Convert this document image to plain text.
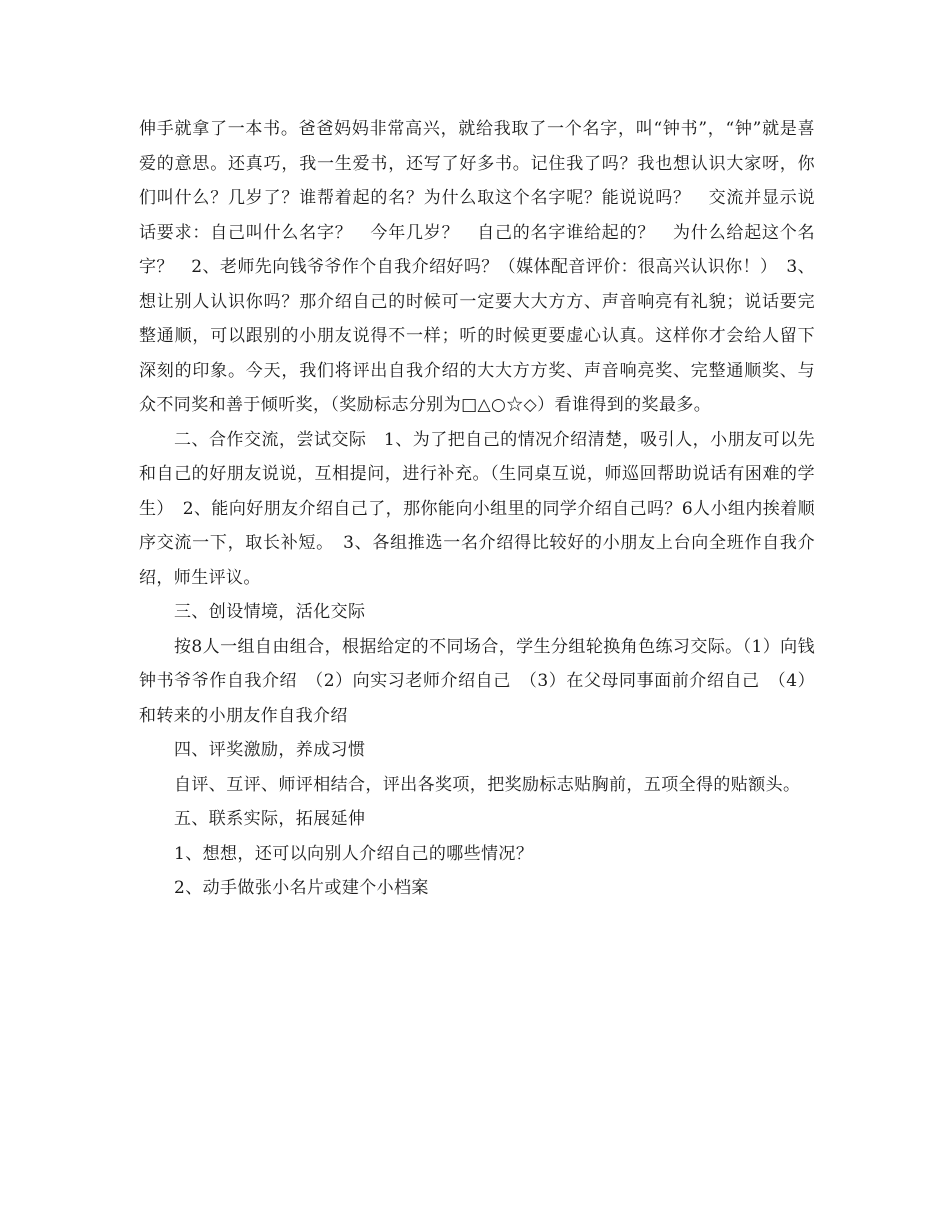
伸手就拿了一本书。爸爸妈妈非常高兴，就给我取了一个名字，叫“钟书”，“钟”就是喜爱的意思。还真巧，我一生爱书，还写了好多书。记住我了吗？我也想认识大家呀，你们叫什么？几岁了？谁帮着起的名？为什么取这个名字呢？能说说吗？　交流并显示说话要求：自己叫什么名字？　今年几岁？　自己的名字谁给起的？　为什么给起这个名字？　2、老师先向钱爷爷作个自我介绍好吗？（媒体配音评价：很高兴认识你！）　3、想让别人认识你吗？那介绍自己的时候可一定要大大方方、声音响亮有礼貌；说话要完整通顺，可以跟别的小朋友说得不一样；听的时候更要虚心认真。这样你才会给人留下深刻的印象。今天，我们将评出自我介绍的大大方方奖、声音响亮奖、完整通顺奖、与众不同奖和善于倾听奖，（奖励标志分别为□△○☆◇）看谁得到的奖最多。

二、合作交流，尝试交际　1、为了把自己的情况介绍清楚，吸引人，小朋友可以先和自己的好朋友说说，互相提问，进行补充。（生同桌互说，师巡回帮助说话有困难的学生）　2、能向好朋友介绍自己了，那你能向小组里的同学介绍自己吗？6人小组内挨着顺序交流一下，取长补短。　3、各组推选一名介绍得比较好的小朋友上台向全班作自我介绍，师生评议。

三、创设情境，活化交际

按8人一组自由组合，根据给定的不同场合，学生分组轮换角色练习交际。（1）向钱钟书爷爷作自我介绍　（2）向实习老师介绍自己　（3）在父母同事面前介绍自己　（4）和转来的小朋友作自我介绍

四、评奖激励，养成习惯

自评、互评、师评相结合，评出各奖项，把奖励标志贴胸前，五项全得的贴额头。

五、联系实际，拓展延伸

1、想想，还可以向别人介绍自己的哪些情况？

2、动手做张小名片或建个小档案
